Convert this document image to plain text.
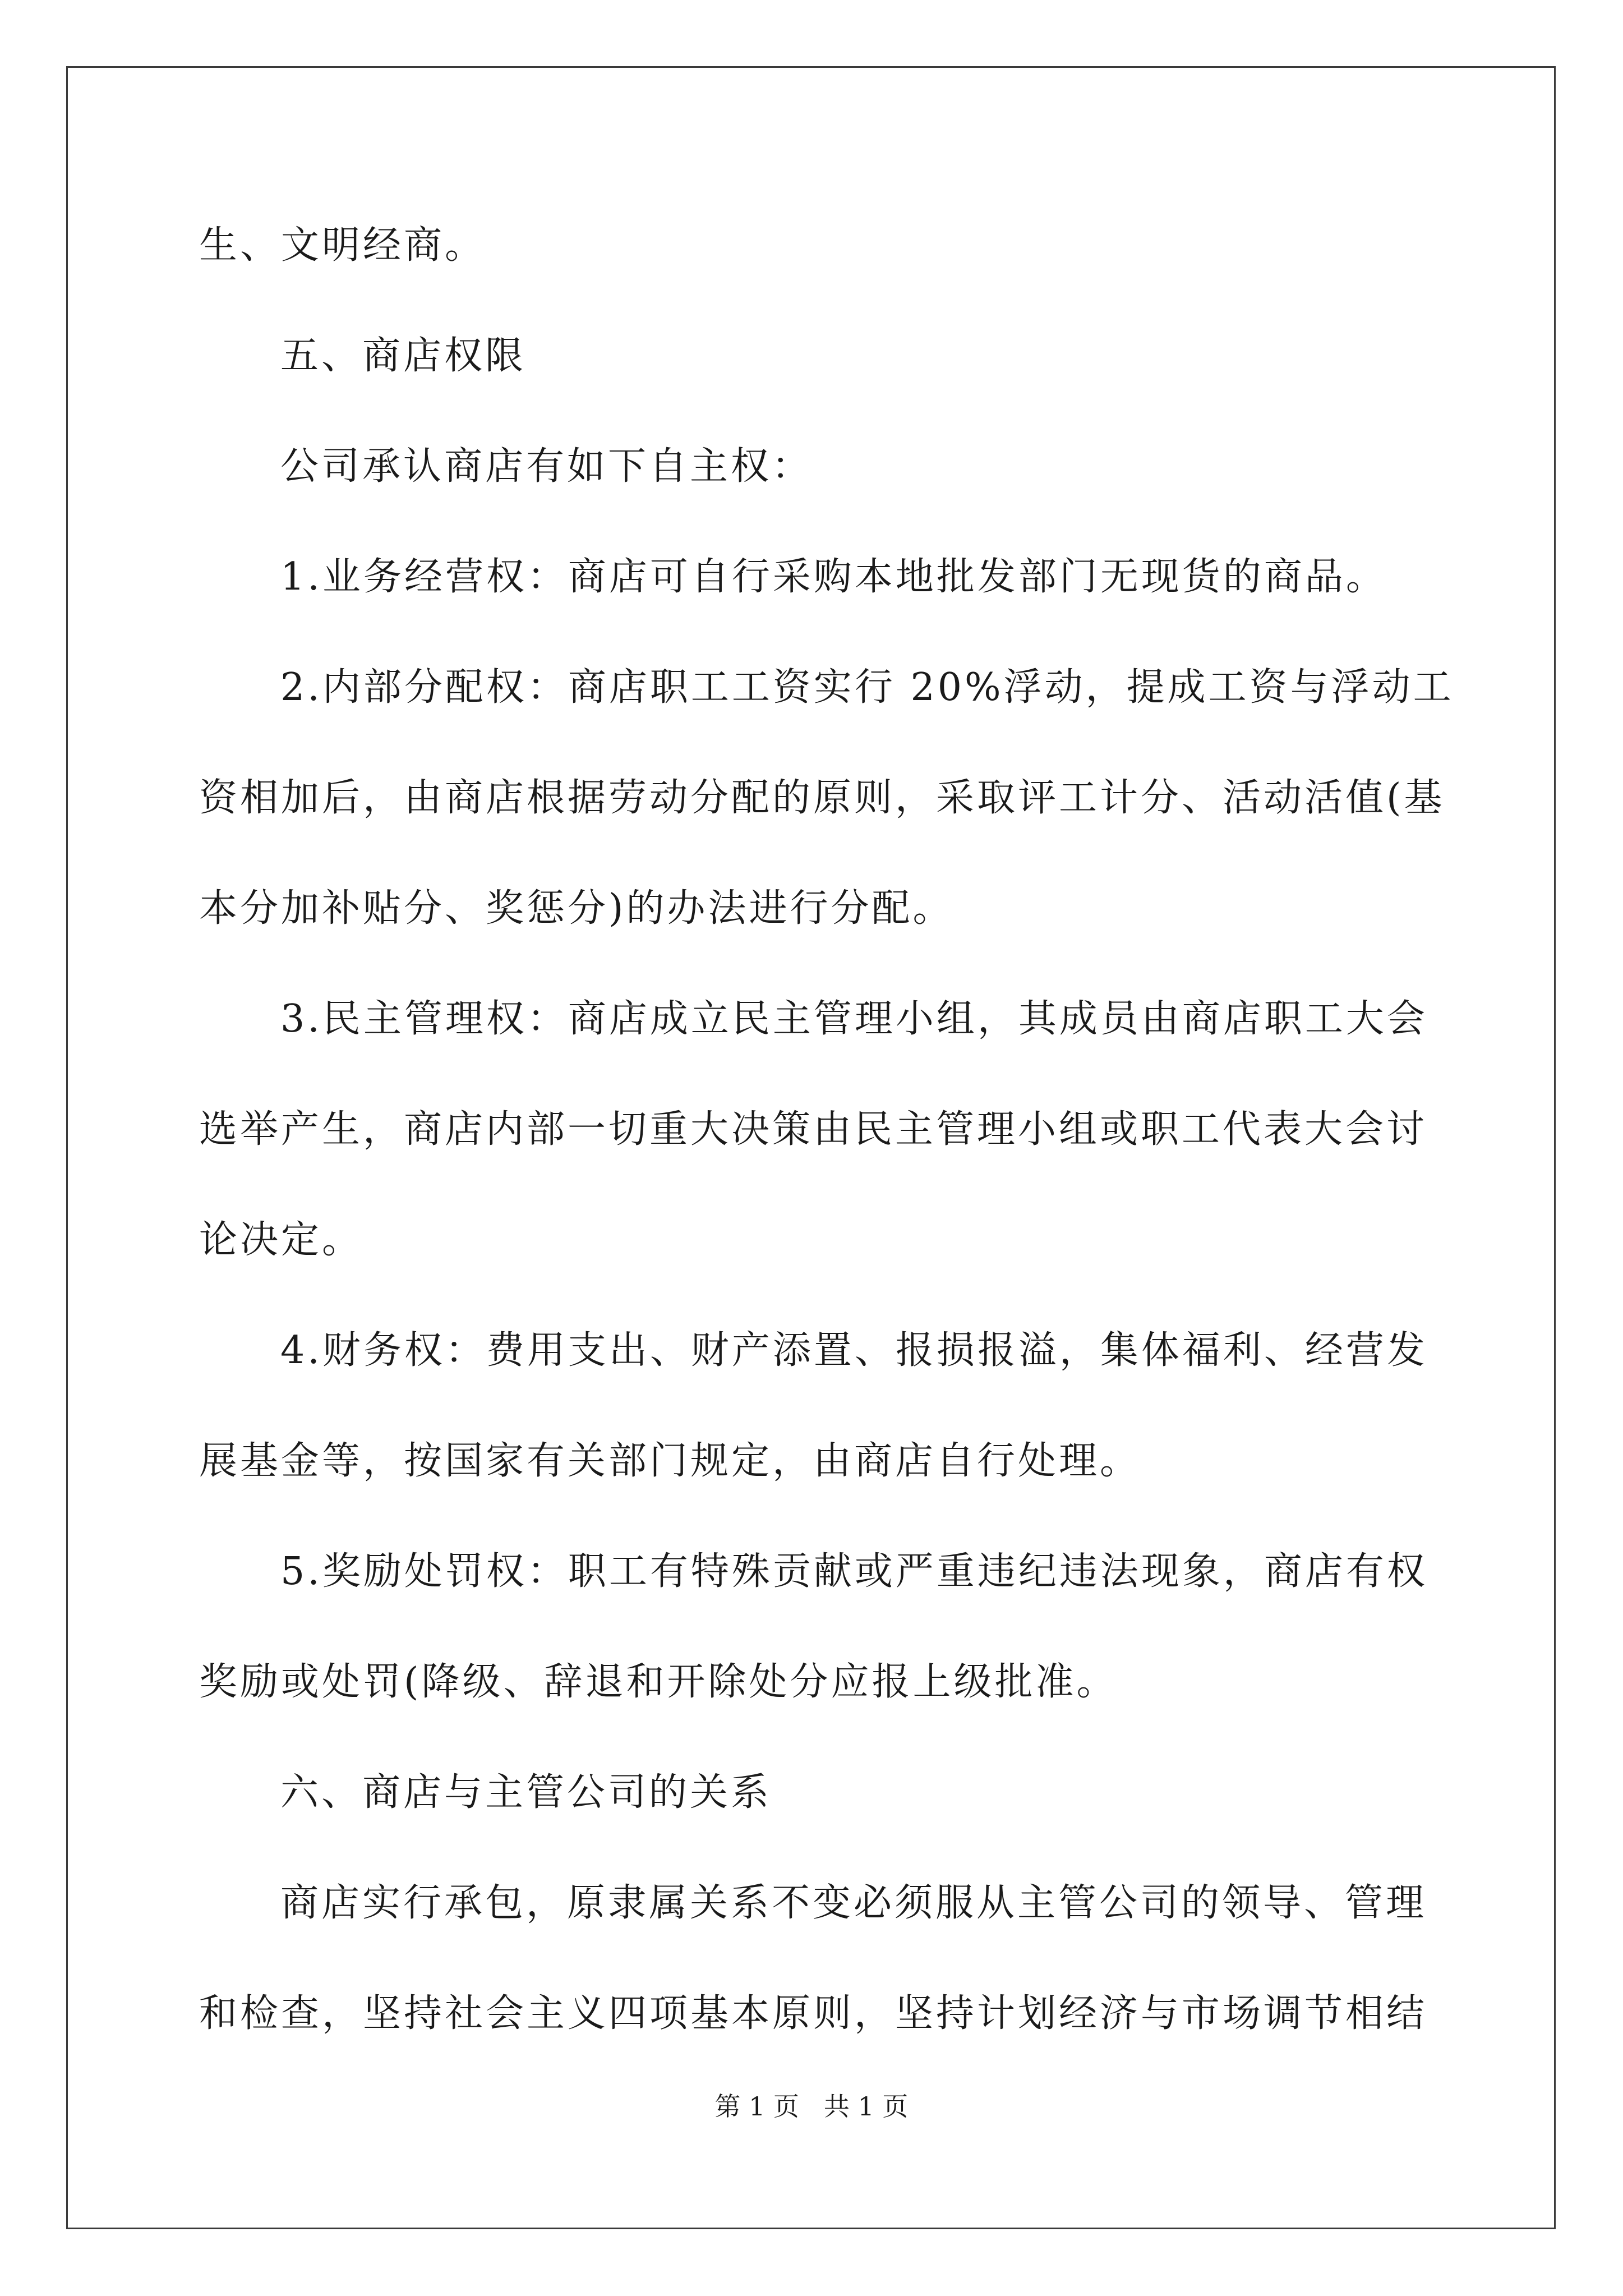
生、文明经商。
五、商店权限
公司承认商店有如下自主权：
1.业务经营权：商店可自行采购本地批发部门无现货的商品。
2.内部分配权：商店职工工资实行 20%浮动，提成工资与浮动工
资相加后，由商店根据劳动分配的原则，采取评工计分、活动活值(基
本分加补贴分、奖惩分)的办法进行分配。
3.民主管理权：商店成立民主管理小组，其成员由商店职工大会
选举产生，商店内部一切重大决策由民主管理小组或职工代表大会讨
论决定。
4.财务权：费用支出、财产添置、报损报溢，集体福利、经营发
展基金等，按国家有关部门规定，由商店自行处理。
5.奖励处罚权：职工有特殊贡献或严重违纪违法现象，商店有权
奖励或处罚(降级、辞退和开除处分应报上级批准。
六、商店与主管公司的关系
商店实行承包，原隶属关系不变必须服从主管公司的领导、管理
和检查，坚持社会主义四项基本原则，坚持计划经济与市场调节相结
第 1 页   共 1 页
